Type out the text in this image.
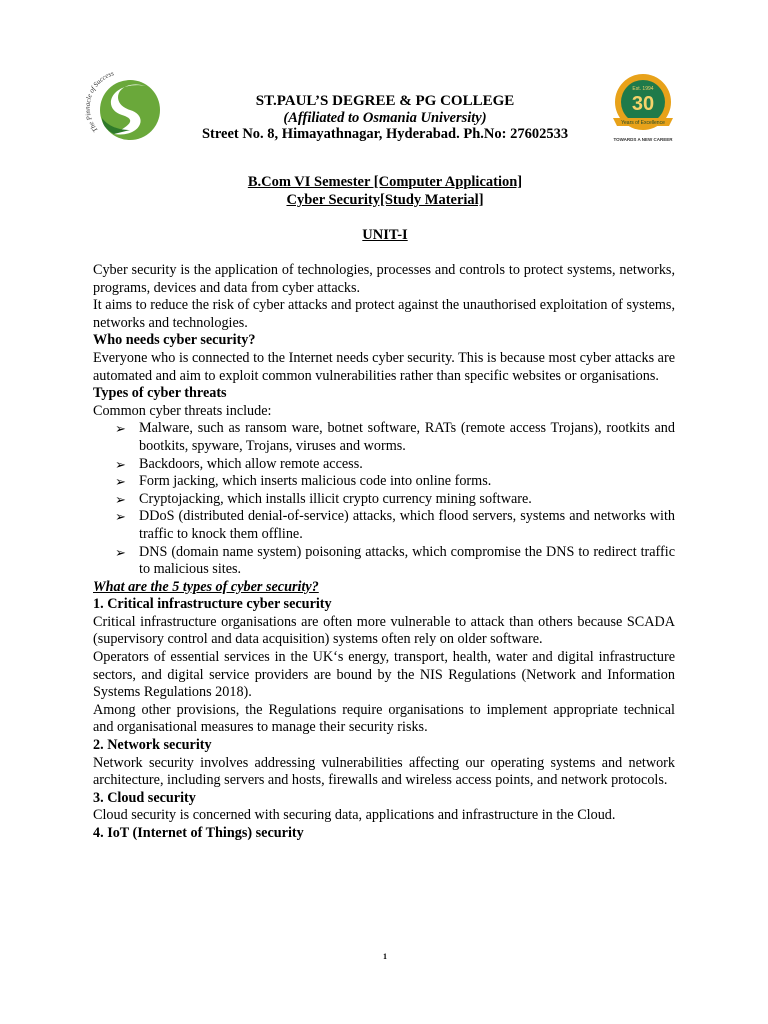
The Pinnacle of Success
Est. 1994
30
Years of Excellence
TOWARDS A NEW CAREER
ST.PAUL’S DEGREE & PG COLLEGE
(Affiliated to Osmania University)
Street No. 8, Himayathnagar, Hyderabad. Ph.No: 27602533
B.Com VI Semester [Computer Application]
Cyber Security[Study Material]
UNIT-I

Cyber security is the application of technologies, processes and controls to protect systems, networks, programs, devices and data from cyber attacks.

It aims to reduce the risk of cyber attacks and protect against the unauthorised exploitation of systems, networks and technologies.

Who needs cyber security?

Everyone who is connected to the Internet needs cyber security. This is because most cyber attacks are automated and aim to exploit common vulnerabilities rather than specific websites or organisations.

Types of cyber threats

Common cyber threats include:

➢ Malware, such as ransom ware, botnet software, RATs (remote access Trojans), rootkits and bootkits, spyware, Trojans, viruses and worms.
➢ Backdoors, which allow remote access.
➢ Form jacking, which inserts malicious code into online forms.
➢ Cryptojacking, which installs illicit crypto currency mining software.
➢ DDoS (distributed denial-of-service) attacks, which flood servers, systems and networks with traffic to knock them offline.
➢ DNS (domain name system) poisoning attacks, which compromise the DNS to redirect traffic to malicious sites.

What are the 5 types of cyber security?

1. Critical infrastructure cyber security

Critical infrastructure organisations are often more vulnerable to attack than others because SCADA (supervisory control and data acquisition) systems often rely on older software.

Operators of essential services in the UK‘s energy, transport, health, water and digital infrastructure sectors, and digital service providers are bound by the NIS Regulations (Network and Information Systems Regulations 2018).

Among other provisions, the Regulations require organisations to implement appropriate technical and organisational measures to manage their security risks.

2. Network security

Network security involves addressing vulnerabilities affecting our operating systems and network architecture, including servers and hosts, firewalls and wireless access points, and network protocols.

3. Cloud security

Cloud security is concerned with securing data, applications and infrastructure in the Cloud.

4. IoT (Internet of Things) security

1
